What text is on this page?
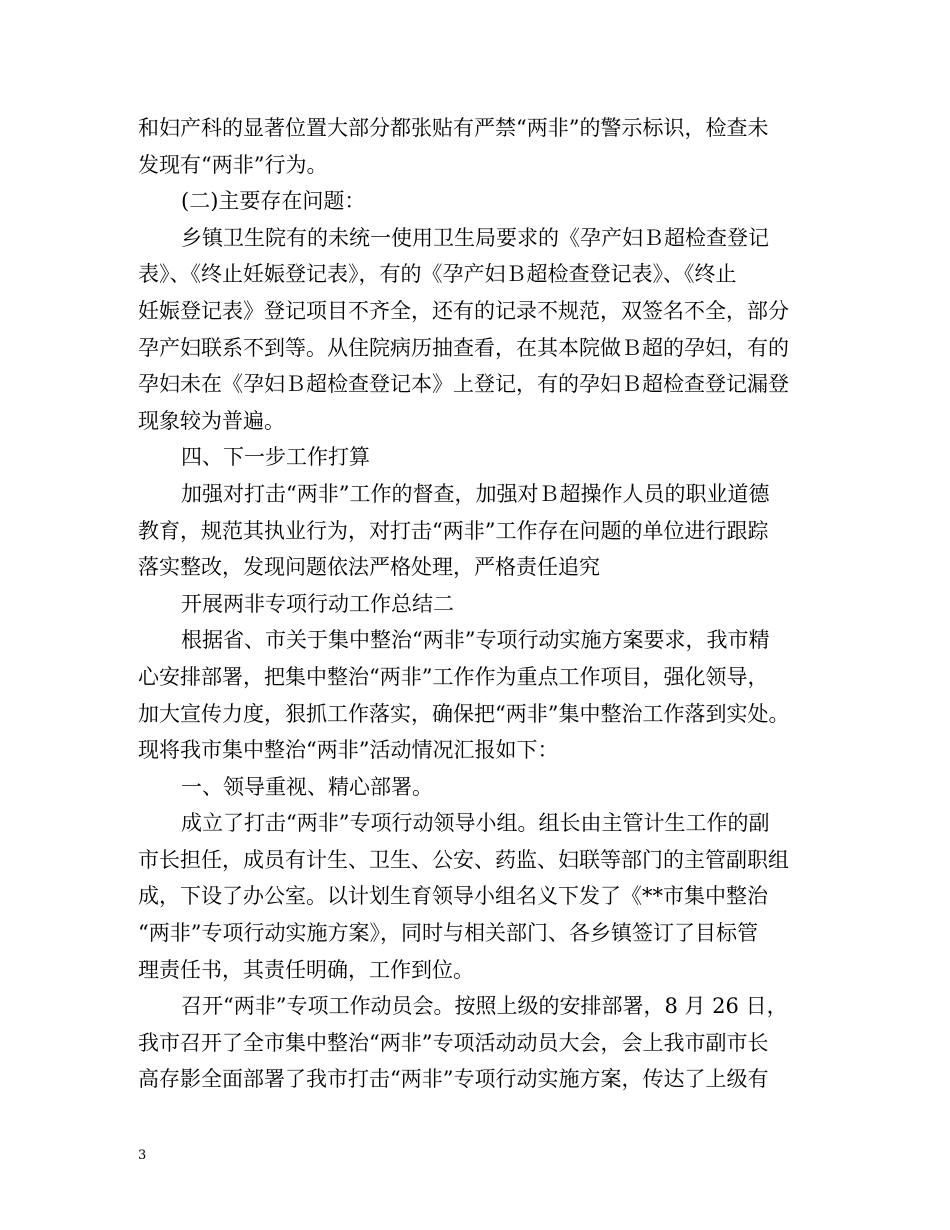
和妇产科的显著位置大部分都张贴有严禁“两非”的警示标识，检查未
发现有“两非”行为。
(二)主要存在问题：
乡镇卫生院有的未统一使用卫生局要求的《孕产妇Ｂ超检查登记
表》、《终止妊娠登记表》，有的《孕产妇Ｂ超检查登记表》、《终止
妊娠登记表》登记项目不齐全，还有的记录不规范，双签名不全，部分
孕产妇联系不到等。从住院病历抽查看，在其本院做Ｂ超的孕妇，有的
孕妇未在《孕妇Ｂ超检查登记本》上登记，有的孕妇Ｂ超检查登记漏登
现象较为普遍。
四、下一步工作打算
加强对打击“两非”工作的督查，加强对Ｂ超操作人员的职业道德
教育，规范其执业行为，对打击“两非”工作存在问题的单位进行跟踪
落实整改，发现问题依法严格处理，严格责任追究
开展两非专项行动工作总结二
根据省、市关于集中整治“两非”专项行动实施方案要求，我市精
心安排部署，把集中整治“两非”工作作为重点工作项目，强化领导，
加大宣传力度，狠抓工作落实，确保把“两非”集中整治工作落到实处。
现将我市集中整治“两非”活动情况汇报如下：
一、领导重视、精心部署。
成立了打击“两非”专项行动领导小组。组长由主管计生工作的副
市长担任，成员有计生、卫生、公安、药监、妇联等部门的主管副职组
成，下设了办公室。以计划生育领导小组名义下发了《**市集中整治
“两非”专项行动实施方案》，同时与相关部门、各乡镇签订了目标管
理责任书，其责任明确，工作到位。
召开“两非”专项工作动员会。按照上级的安排部署，8 月 26 日，
我市召开了全市集中整治“两非”专项活动动员大会，会上我市副市长
高存影全面部署了我市打击“两非”专项行动实施方案，传达了上级有
3
